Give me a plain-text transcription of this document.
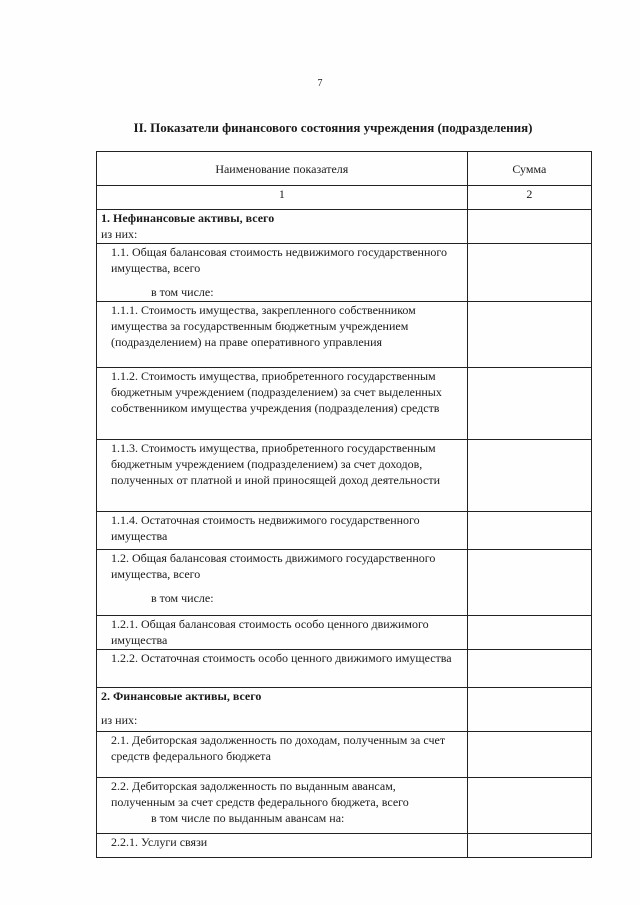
7
II. Показатели финансового состояния учреждения (подразделения)
Наименование показателя	Сумма
1	2

1. Нефинансовые активы, всего
из них:	

1.1. Общая балансовая стоимость недвижимого государственного имущества, всего
в том числе:	

1.1.1. Стоимость имущества, закрепленного собственником имущества за государственным бюджетным учреждением (подразделением) на праве оперативного управления	

1.1.2. Стоимость имущества, приобретенного государственным бюджетным учреждением (подразделением) за счет выделенных собственником имущества учреждения (подразделения) средств	

1.1.3. Стоимость имущества, приобретенного государственным бюджетным учреждением (подразделением) за счет доходов, полученных от платной и иной приносящей доход деятельности	

1.1.4. Остаточная стоимость недвижимого государственного имущества	

1.2. Общая балансовая стоимость движимого государственного имущества, всего
в том числе:	

1.2.1. Общая балансовая стоимость особо ценного движимого имущества	

1.2.2. Остаточная стоимость особо ценного движимого имущества	

2. Финансовые активы, всего
из них:	

2.1. Дебиторская задолженность по доходам, полученным за счет средств федерального бюджета	

2.2. Дебиторская задолженность по выданным авансам, полученным за счет средств федерального бюджета, всего
в том числе по выданным авансам на:	

2.2.1. Услуги связи	
